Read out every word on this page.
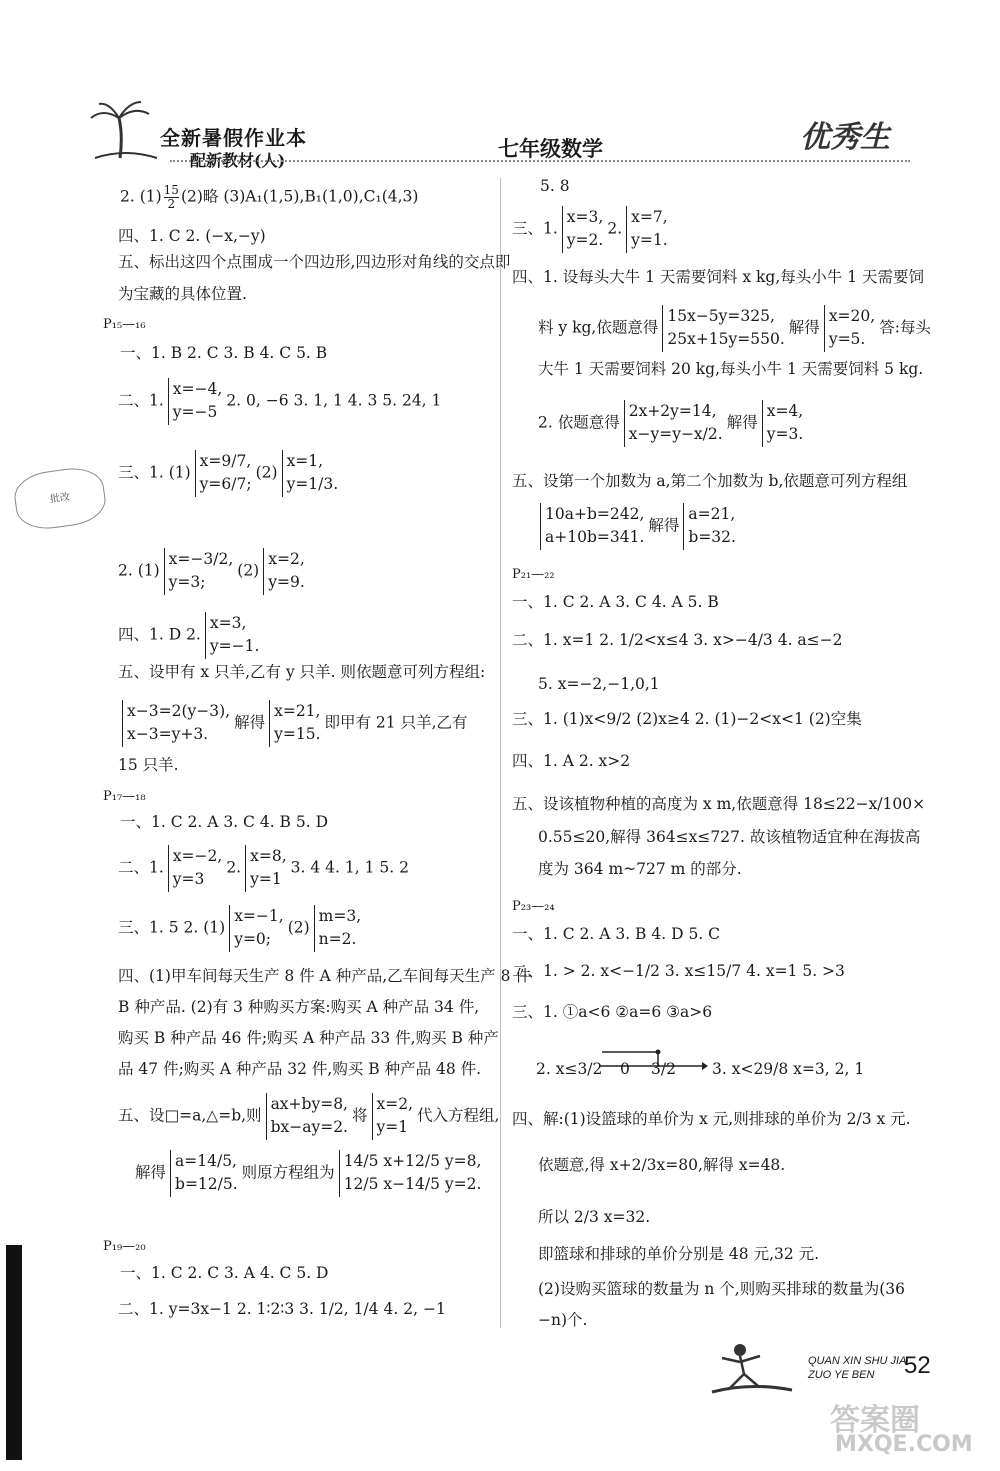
全新暑假作业本
配新教材(人)	七年级数学	优秀生
批改
2. $(1) \frac{15}{2} (2)$略 (3)A₁(1,5),B₁(1,0),C₁(4,3)
四、1. C 2. (−x,−y)
五、标出这四个点围成一个四边形,四边形对角线的交点即
为宝藏的具体位置.
P₁₅—₁₆
一、1. B 2. C 3. B 4. C 5. B
二、1.x=−4,
y=−52. 0, −6 3. 1, 1 4. 3 5. 24, 1
三、1. (1)x=9/7,
y=6/7;(2)x=1,
y=1/3.
2. (1)x=−3/2,
y=3;(2)x=2,
y=9.
四、1. D 2.x=3,
y=−1.
五、设甲有 x 只羊,乙有 y 只羊. 则依题意可列方程组:
x−3=2(y−3),
x−3=y+3.解得x=21,
y=15.即甲有 21 只羊,乙有
15 只羊.
P₁₇—₁₈
一、1. C 2. A 3. C 4. B 5. D
二、1.x=−2,
y=32.x=8,
y=13. 4 4. 1, 1 5. 2
三、1. 5 2. (1)x=−1,
y=0;(2)m=3,
n=2.
四、(1)甲车间每天生产 8 件 A 种产品,乙车间每天生产 8 件
B 种产品. (2)有 3 种购买方案:购买 A 种产品 34 件,
购买 B 种产品 46 件;购买 A 种产品 33 件,购买 B 种产
品 47 件;购买 A 种产品 32 件,购买 B 种产品 48 件.
五、设□=a,△=b,则ax+by=8,
bx−ay=2.将x=2,
y=1代入方程组,
解得a=14/5,
b=12/5.则原方程组为14/5 x+12/5 y=8,
12/5 x−14/5 y=2.
P₁₉—₂₀
一、1. C 2. C 3. A 4. C 5. D
二、1. y=3x−1 2. 1∶2∶3 3. 1/2, 1/4 4. 2, −1
5. 8
三、1.x=3,
y=2.2.x=7,
y=1.
四、1. 设每头大牛 1 天需要饲料 x kg,每头小牛 1 天需要饲
料 y kg,依题意得15x−5y=325,
25x+15y=550.解得x=20,
y=5.答:每头
大牛 1 天需要饲料 20 kg,每头小牛 1 天需要饲料 5 kg.
2. 依题意得2x+2y=14,
x−y=y−x/2.解得x=4,
y=3.
五、设第一个加数为 a,第二个加数为 b,依题意可列方程组
10a+b=242,
a+10b=341.解得a=21,
b=32.
P₂₁—₂₂
一、1. C 2. A 3. C 4. A 5. B
二、1. x=1 2. 1/2<x≤4 3. x>−4/3 4. a≤−2
5. x=−2,−1,0,1
三、1. (1)x<9/2 (2)x≥4 2. (1)−2<x<1 (2)空集
四、1. A 2. x>2
五、设该植物种植的高度为 x m,依题意得 18≤22−x/100×
0.55≤20,解得 364≤x≤727. 故该植物适宜种在海拔高
度为 364 m~727 m 的部分.
P₂₃—₂₄
一、1. C 2. A 3. B 4. D 5. C
二、1. > 2. x<−1/2 3. x≤15/7 4. x=1 5. >3
三、1. ①a<6 ②a=6 ③a>6
2. x≤3/2 0 3/2 3. x<29/8 x=3, 2, 1
四、解:(1)设篮球的单价为 x 元,则排球的单价为 2/3 x 元.
依题意,得 x+2/3x=80,解得 x=48.
所以 2/3 x=32.
即篮球和排球的单价分别是 48 元,32 元.
(2)设购买篮球的数量为 n 个,则购买排球的数量为(36
−n)个.
QUAN XIN SHU JIA
ZUO YE BEN	52
答案圈
MXQE.COM
